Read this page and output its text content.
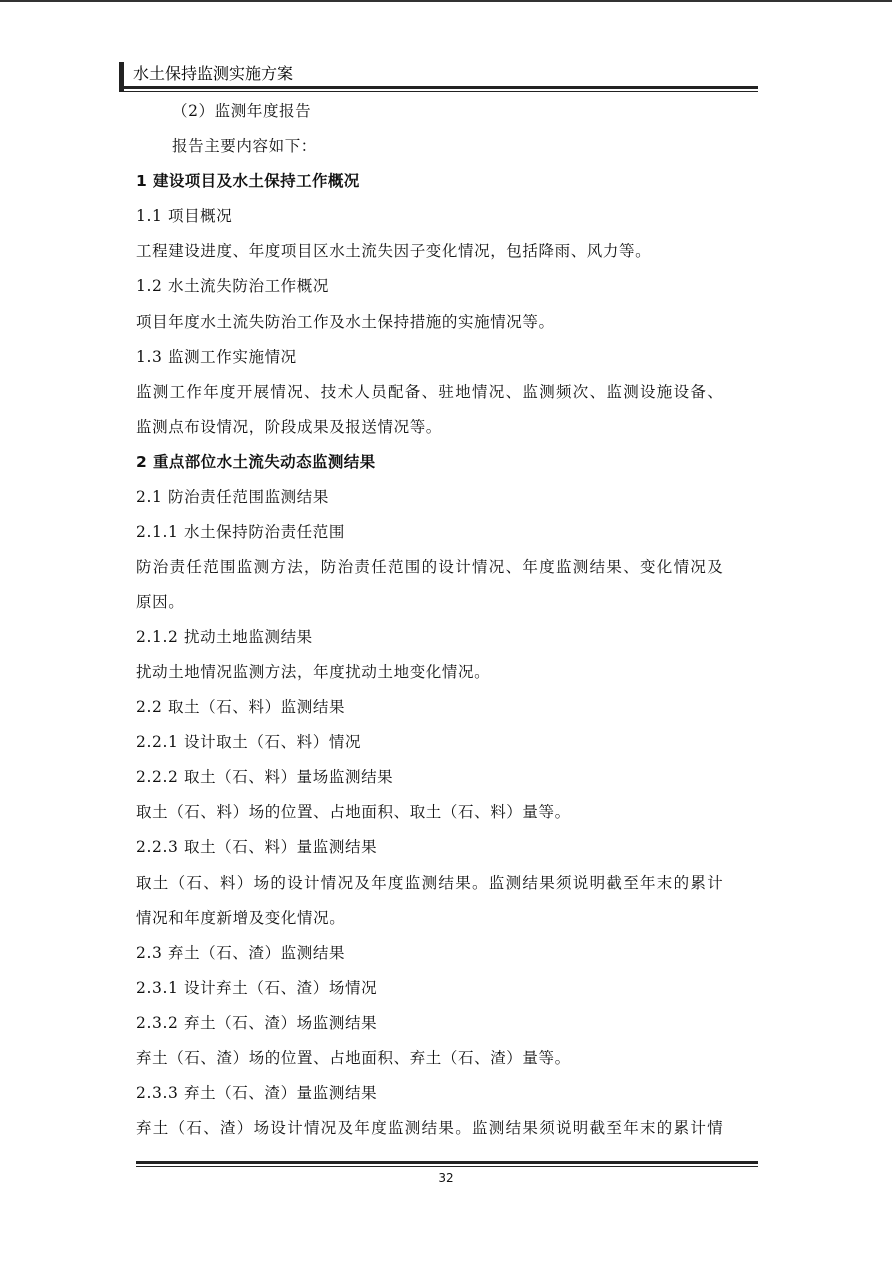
水土保持监测实施方案
（2）监测年度报告
报告主要内容如下：
1 建设项目及水土保持工作概况
1.1 项目概况
工程建设进度、年度项目区水土流失因子变化情况，包括降雨、风力等。
1.2 水土流失防治工作概况
项目年度水土流失防治工作及水土保持措施的实施情况等。
1.3 监测工作实施情况
监测工作年度开展情况、技术人员配备、驻地情况、监测频次、监测设施设备、
监测点布设情况，阶段成果及报送情况等。
2 重点部位水土流失动态监测结果
2.1 防治责任范围监测结果
2.1.1 水土保持防治责任范围
防治责任范围监测方法，防治责任范围的设计情况、年度监测结果、变化情况及
原因。
2.1.2 扰动土地监测结果
扰动土地情况监测方法，年度扰动土地变化情况。
2.2 取土（石、料）监测结果
2.2.1 设计取土（石、料）情况
2.2.2 取土（石、料）量场监测结果
取土（石、料）场的位置、占地面积、取土（石、料）量等。
2.2.3 取土（石、料）量监测结果
取土（石、料）场的设计情况及年度监测结果。监测结果须说明截至年末的累计
情况和年度新增及变化情况。
2.3 弃土（石、渣）监测结果
2.3.1 设计弃土（石、渣）场情况
2.3.2 弃土（石、渣）场监测结果
弃土（石、渣）场的位置、占地面积、弃土（石、渣）量等。
2.3.3 弃土（石、渣）量监测结果
弃土（石、渣）场设计情况及年度监测结果。监测结果须说明截至年末的累计情
32
